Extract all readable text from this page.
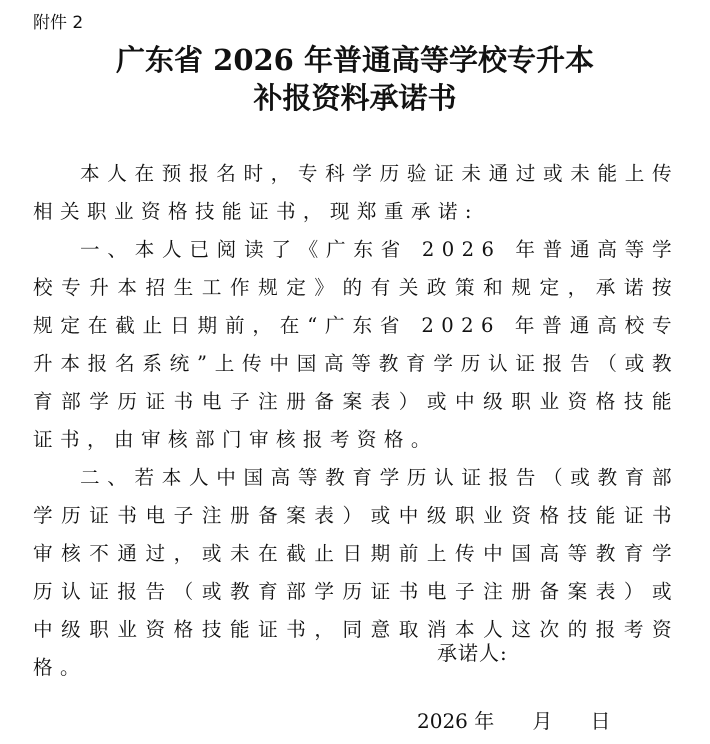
附件 2
广东省 2026 年普通高等学校专升本
补报资料承诺书

本人在预报名时，专科学历验证未通过或未能上传相关职业资格技能证书，现郑重承诺:

一、本人已阅读了《广东省 2026 年普通高等学校专升本招生工作规定》的有关政策和规定，承诺按规定在截止日期前，在“广东省 2026 年普通高校专升本报名系统”上传中国高等教育学历认证报告（或教育部学历证书电子注册备案表）或中级职业资格技能证书，由审核部门审核报考资格。

二、若本人中国高等教育学历认证报告（或教育部学历证书电子注册备案表）或中级职业资格技能证书审核不通过，或未在截止日期前上传中国高等教育学历认证报告（或教育部学历证书电子注册备案表）或中级职业资格技能证书，同意取消本人这次的报考资格。

承诺人:
2026 年      月      日
